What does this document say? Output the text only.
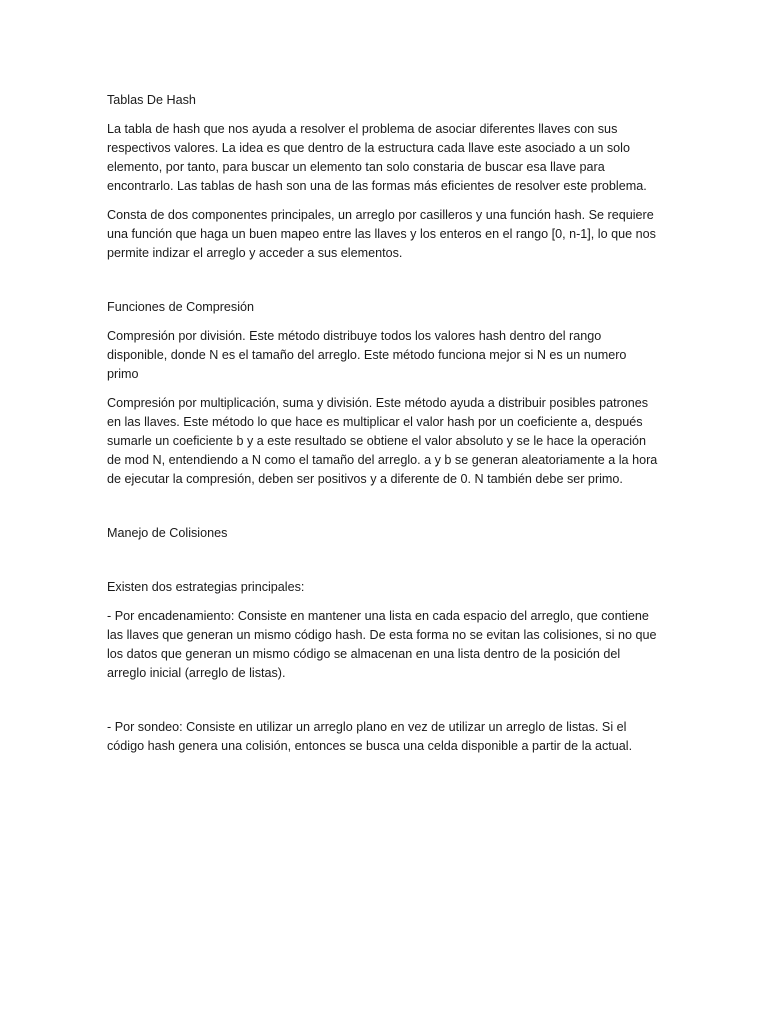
Tablas De Hash

La tabla de hash que nos ayuda a resolver el problema de asociar diferentes llaves con sus

respectivos valores. La idea es que dentro de la estructura cada llave este asociado a un solo

elemento, por tanto, para buscar un elemento tan solo constaria de buscar esa llave para

encontrarlo. Las tablas de hash son una de las formas más eficientes de resolver este problema.

Consta de dos componentes principales, un arreglo por casilleros y una función hash. Se requiere

una función que haga un buen mapeo entre las llaves y los enteros en el rango [0, n-1], lo que nos

permite indizar el arreglo y acceder a sus elementos.

Funciones de Compresión

Compresión por división. Este método distribuye todos los valores hash dentro del rango

disponible, donde N es el tamaño del arreglo. Este método funciona mejor si N es un numero

primo

Compresión por multiplicación, suma y división. Este método ayuda a distribuir posibles patrones

en las llaves. Este método lo que hace es multiplicar el valor hash por un coeficiente a, después

sumarle un coeficiente b y a este resultado se obtiene el valor absoluto y se le hace la operación

de mod N, entendiendo a N como el tamaño del arreglo. a y b se generan aleatoriamente a la hora

de ejecutar la compresión, deben ser positivos y a diferente de 0. N también debe ser primo.

Manejo de Colisiones

Existen dos estrategias principales:

- Por encadenamiento: Consiste en mantener una lista en cada espacio del arreglo, que contiene

las llaves que generan un mismo código hash. De esta forma no se evitan las colisiones, si no que

los datos que generan un mismo código se almacenan en una lista dentro de la posición del

arreglo inicial (arreglo de listas).

- Por sondeo: Consiste en utilizar un arreglo plano en vez de utilizar un arreglo de listas. Si el

código hash genera una colisión, entonces se busca una celda disponible a partir de la actual.
